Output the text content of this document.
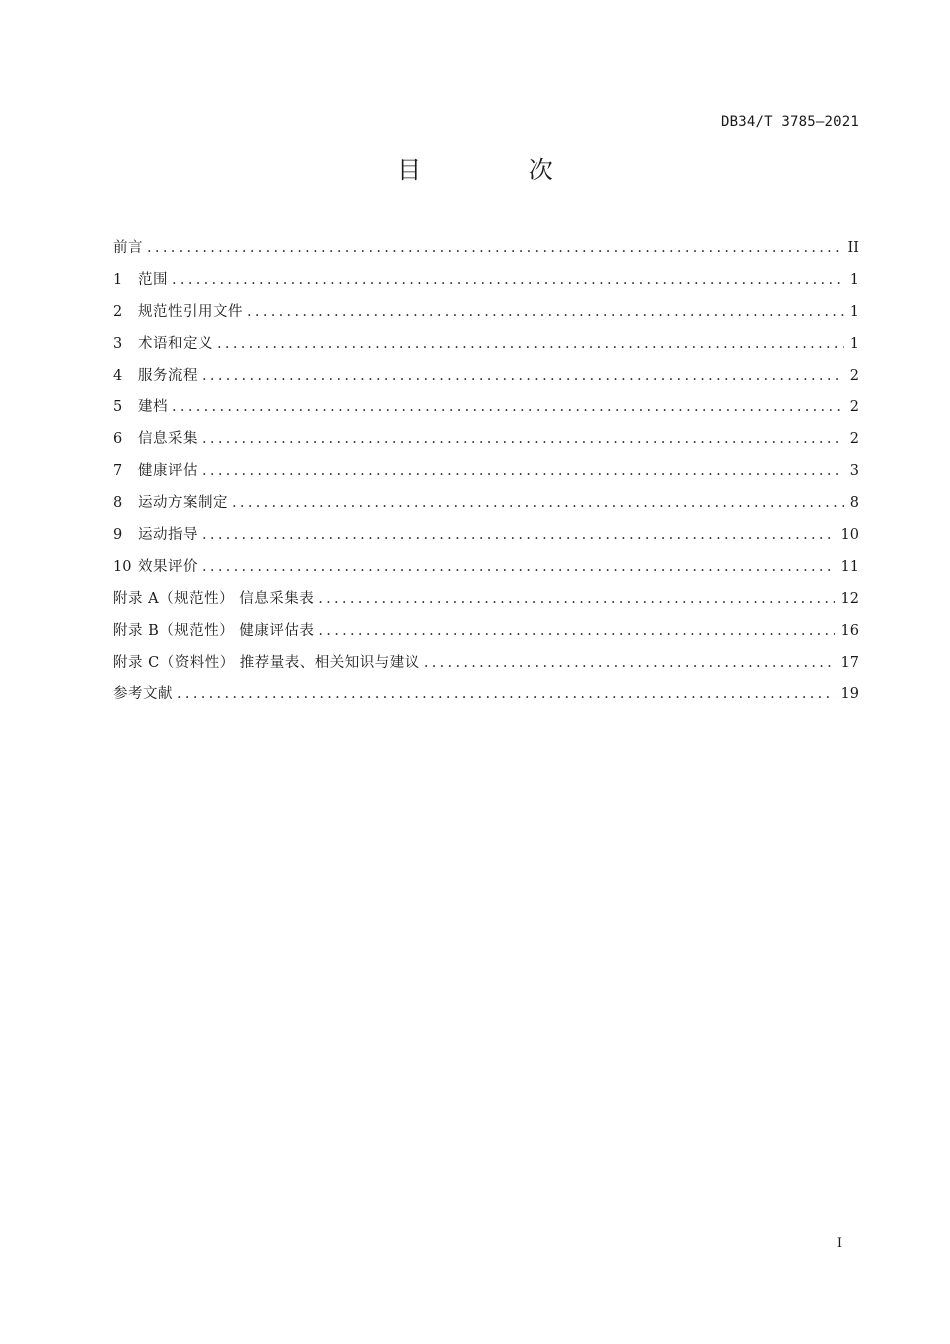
DB34/T 3785—2021
目 次
前言 .....	II
1	范围 .....	1
2	规范性引用文件 .....	1
3	术语和定义 .....	1
4	服务流程 .....	2
5	建档 .....	2
6	信息采集 .....	2
7	健康评估 .....	3
8	运动方案制定 .....	8
9	运动指导 .....	10
10 效果评价 .....	11
附录 A（规范性） 信息采集表 .....	12
附录 B（规范性） 健康评估表 .....	16
附录 C（资料性） 推荐量表、相关知识与建议 .....	17
参考文献 .....	19
I
